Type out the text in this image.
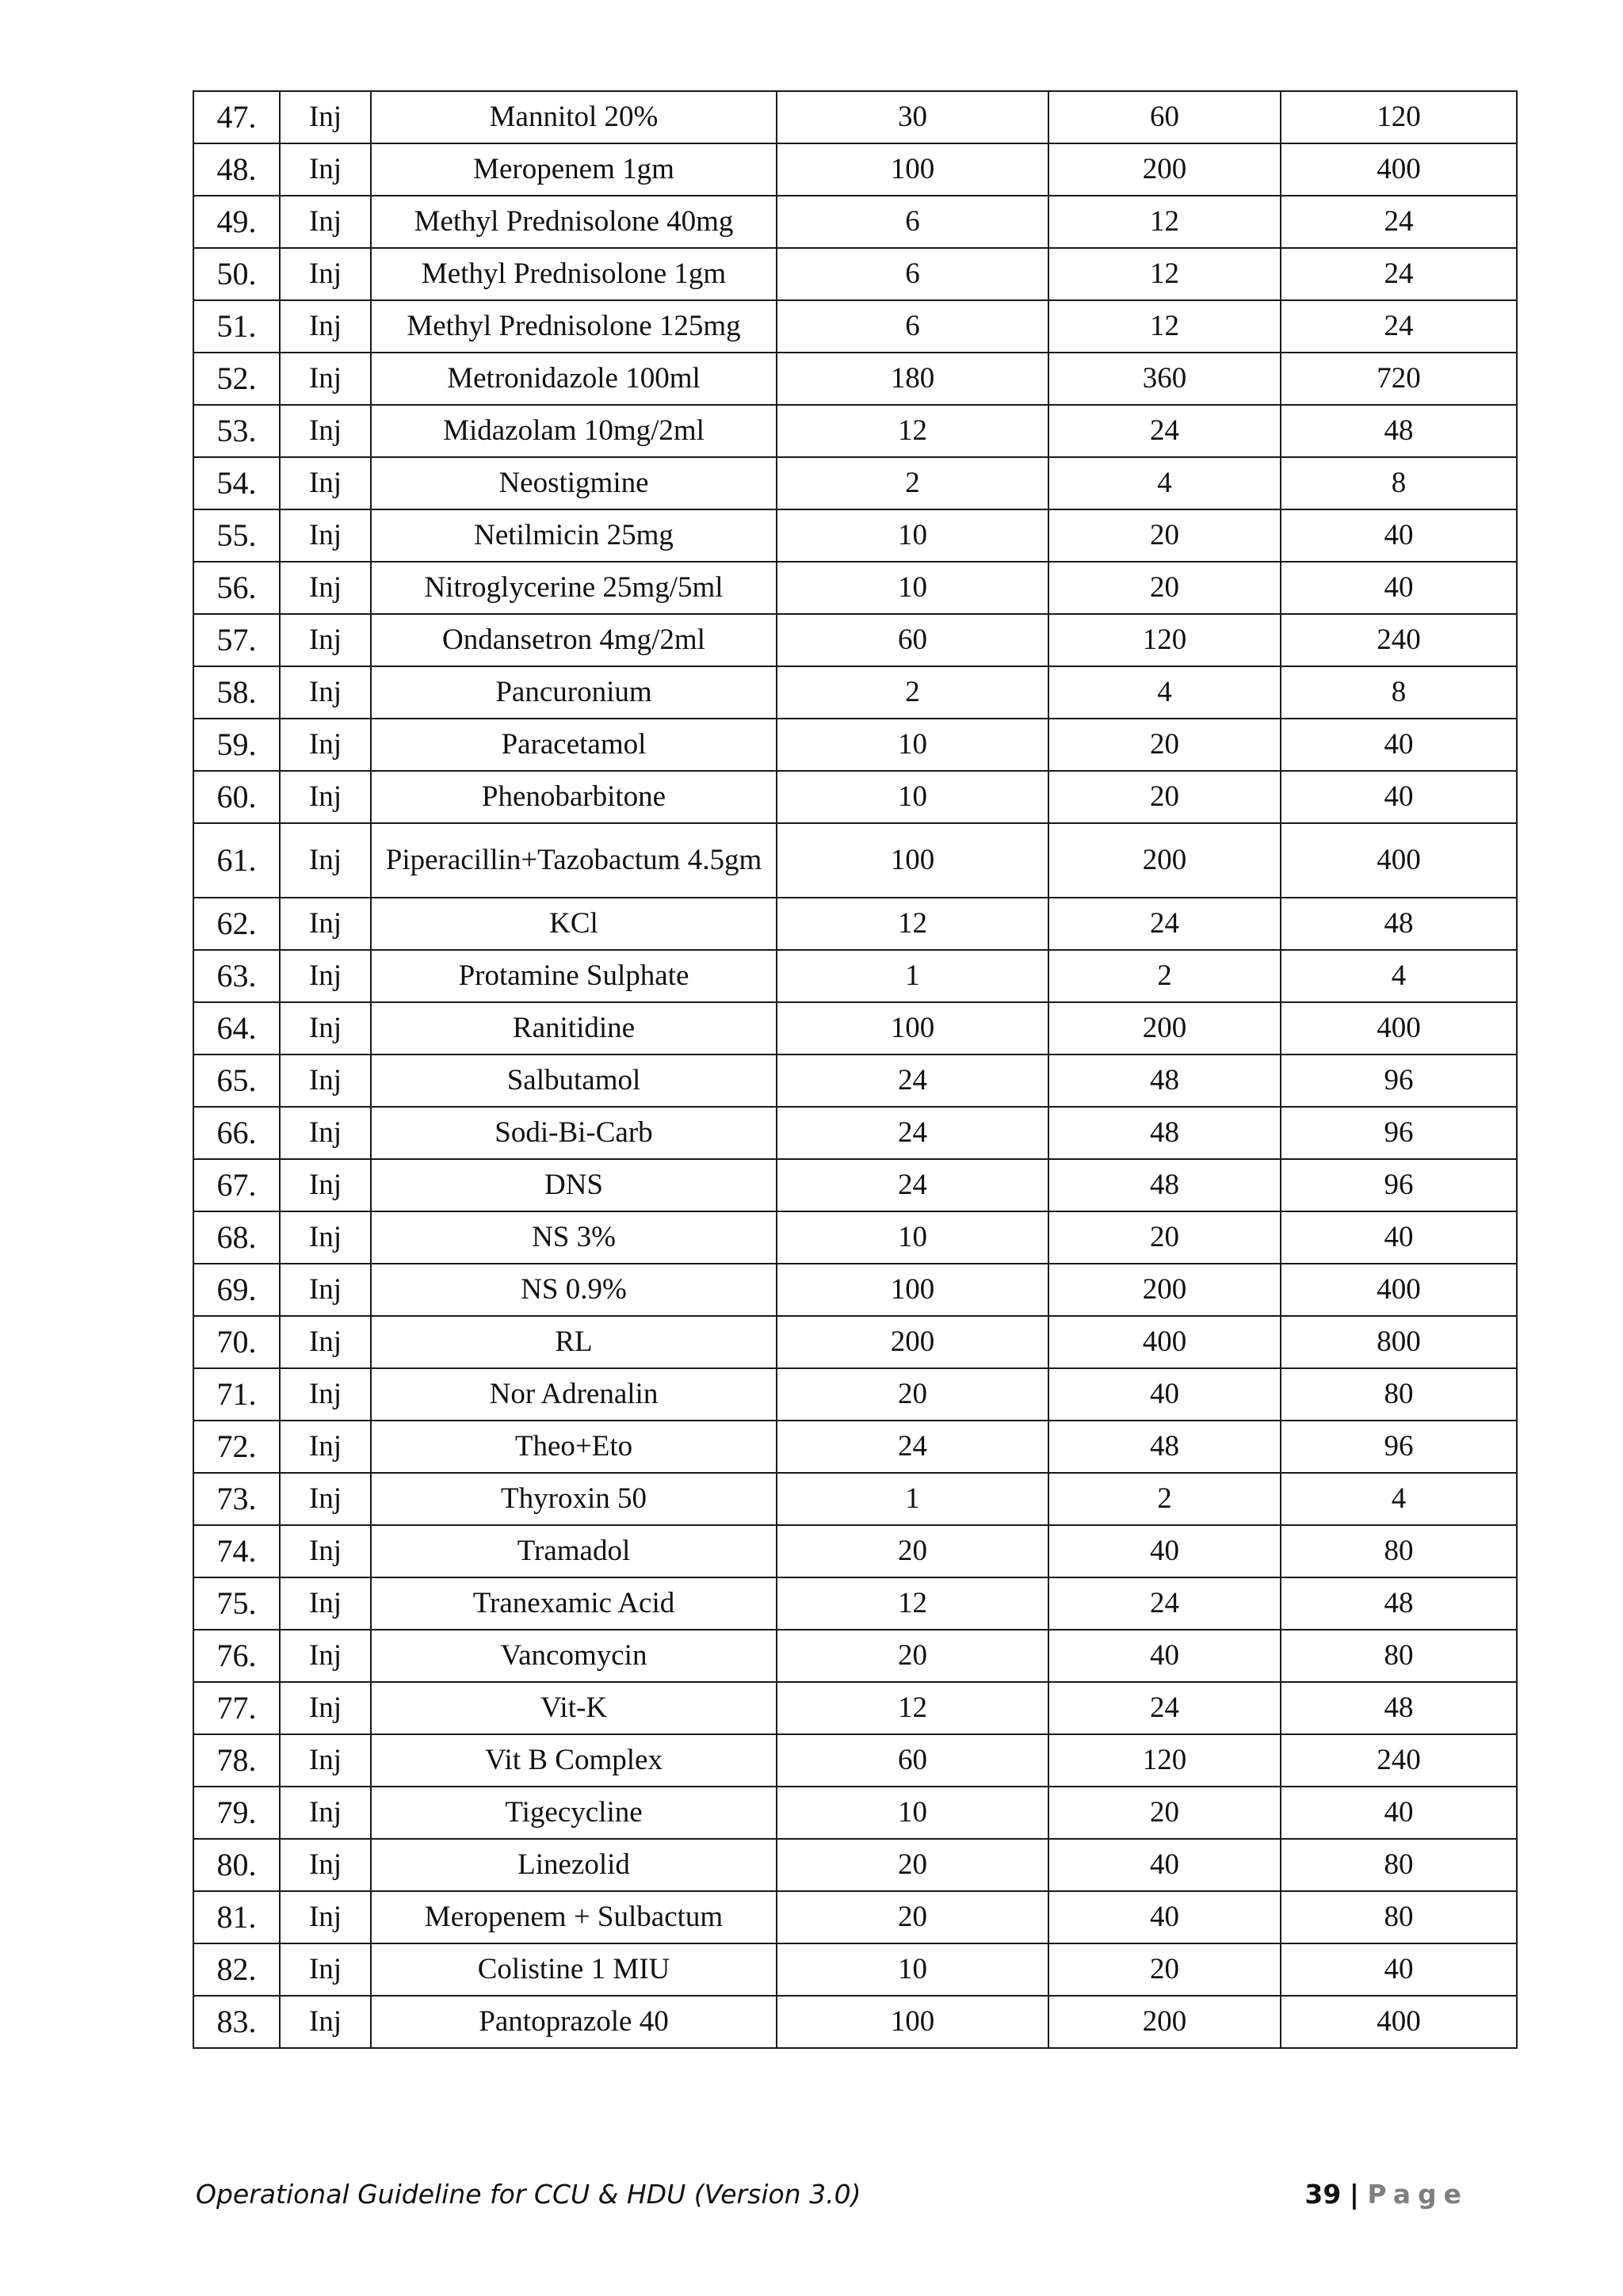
47.	Inj	Mannitol 20%	30	60	120
48.	Inj	Meropenem 1gm	100	200	400
49.	Inj	Methyl Prednisolone 40mg	6	12	24
50.	Inj	Methyl Prednisolone 1gm	6	12	24
51.	Inj	Methyl Prednisolone 125mg	6	12	24
52.	Inj	Metronidazole 100ml	180	360	720
53.	Inj	Midazolam 10mg/2ml	12	24	48
54.	Inj	Neostigmine	2	4	8
55.	Inj	Netilmicin 25mg	10	20	40
56.	Inj	Nitroglycerine 25mg/5ml	10	20	40
57.	Inj	Ondansetron 4mg/2ml	60	120	240
58.	Inj	Pancuronium	2	4	8
59.	Inj	Paracetamol	10	20	40
60.	Inj	Phenobarbitone	10	20	40
61.	Inj	Piperacillin+Tazobactum 4.5gm	100	200	400
62.	Inj	KCl	12	24	48
63.	Inj	Protamine Sulphate	1	2	4
64.	Inj	Ranitidine	100	200	400
65.	Inj	Salbutamol	24	48	96
66.	Inj	Sodi-Bi-Carb	24	48	96
67.	Inj	DNS	24	48	96
68.	Inj	NS 3%	10	20	40
69.	Inj	NS 0.9%	100	200	400
70.	Inj	RL	200	400	800
71.	Inj	Nor Adrenalin	20	40	80
72.	Inj	Theo+Eto	24	48	96
73.	Inj	Thyroxin 50	1	2	4
74.	Inj	Tramadol	20	40	80
75.	Inj	Tranexamic Acid	12	24	48
76.	Inj	Vancomycin	20	40	80
77.	Inj	Vit-K	12	24	48
78.	Inj	Vit B Complex	60	120	240
79.	Inj	Tigecycline	10	20	40
80.	Inj	Linezolid	20	40	80
81.	Inj	Meropenem + Sulbactum	20	40	80
82.	Inj	Colistine 1 MIU	10	20	40
83.	Inj	Pantoprazole 40	100	200	400
Operational Guideline for CCU & HDU (Version 3.0)	39 | Page
